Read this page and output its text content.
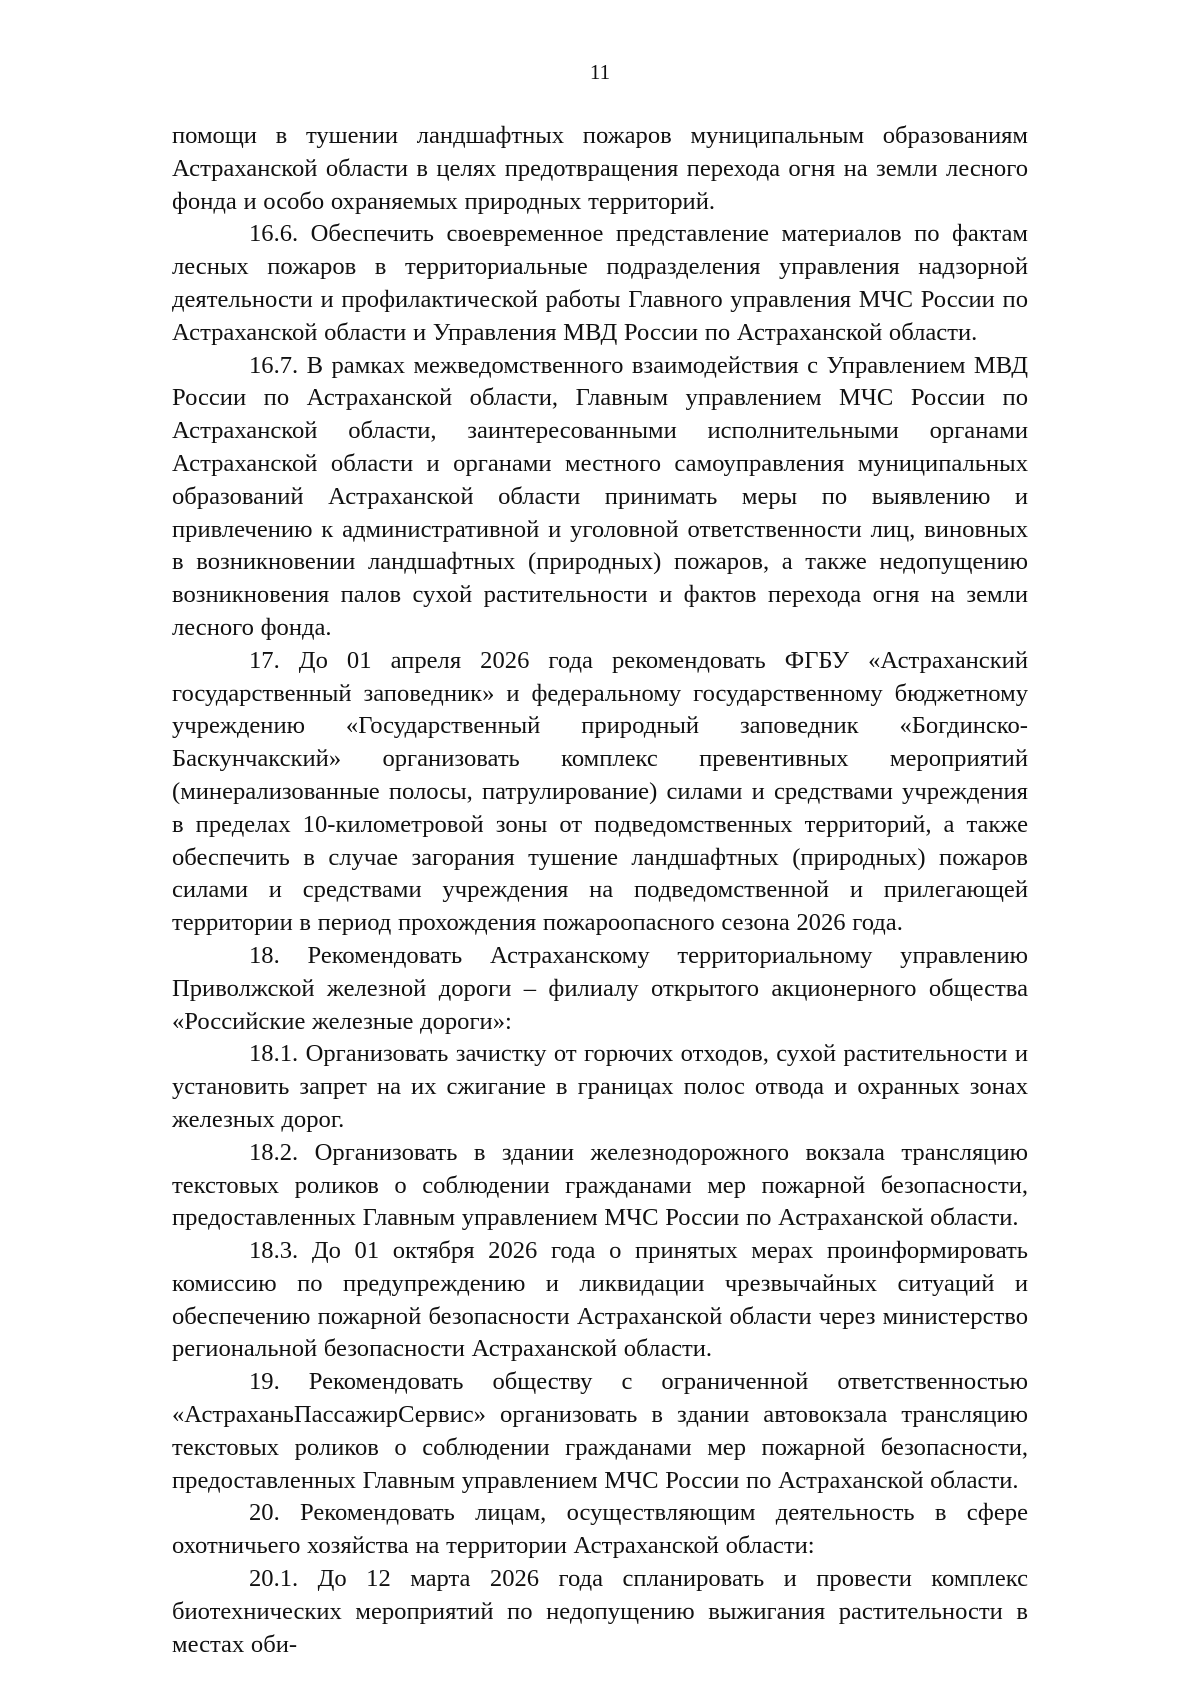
11

помощи в тушении ландшафтных пожаров муниципальным образованиям Астраханской области в целях предотвращения перехода огня на земли лесного фонда и особо охраняемых природных территорий.

16.6. Обеспечить своевременное представление материалов по фактам лесных пожаров в территориальные подразделения управления надзорной деятельности и профилактической работы Главного управления МЧС России по Астраханской области и Управления МВД России по Астраханской области.

16.7. В рамках межведомственного взаимодействия с Управлением МВД России по Астраханской области, Главным управлением МЧС России по Астраханской области, заинтересованными исполнительными органами Астраханской области и органами местного самоуправления муниципальных образований Астраханской области принимать меры по выявлению и привлечению к административной и уголовной ответственности лиц, виновных в возникновении ландшафтных (природных) пожаров, а также недопущению возникновения палов сухой растительности и фактов перехода огня на земли лесного фонда.

17. До 01 апреля 2026 года рекомендовать ФГБУ «Астраханский государственный заповедник» и федеральному государственному бюджетному учреждению «Государственный природный заповедник «Богдинско-Баскунчакский» организовать комплекс превентивных мероприятий (минерализованные полосы, патрулирование) силами и средствами учреждения в пределах 10-километровой зоны от подведомственных территорий, а также обеспечить в случае загорания тушение ландшафтных (природных) пожаров силами и средствами учреждения на подведомственной и прилегающей территории в период прохождения пожароопасного сезона 2026 года.

18. Рекомендовать Астраханскому территориальному управлению Приволжской железной дороги – филиалу открытого акционерного общества «Российские железные дороги»:

18.1. Организовать зачистку от горючих отходов, сухой растительности и установить запрет на их сжигание в границах полос отвода и охранных зонах железных дорог.

18.2. Организовать в здании железнодорожного вокзала трансляцию текстовых роликов о соблюдении гражданами мер пожарной безопасности, предоставленных Главным управлением МЧС России по Астраханской области.

18.3. До 01 октября 2026 года о принятых мерах проинформировать комиссию по предупреждению и ликвидации чрезвычайных ситуаций и обеспечению пожарной безопасности Астраханской области через министерство региональной безопасности Астраханской области.

19. Рекомендовать обществу с ограниченной ответственностью «АстраханьПассажирСервис» организовать в здании автовокзала трансляцию текстовых роликов о соблюдении гражданами мер пожарной безопасности, предоставленных Главным управлением МЧС России по Астраханской области.

20. Рекомендовать лицам, осуществляющим деятельность в сфере охотничьего хозяйства на территории Астраханской области:

20.1. До 12 марта 2026 года спланировать и провести комплекс биотехнических мероприятий по недопущению выжигания растительности в местах оби-
